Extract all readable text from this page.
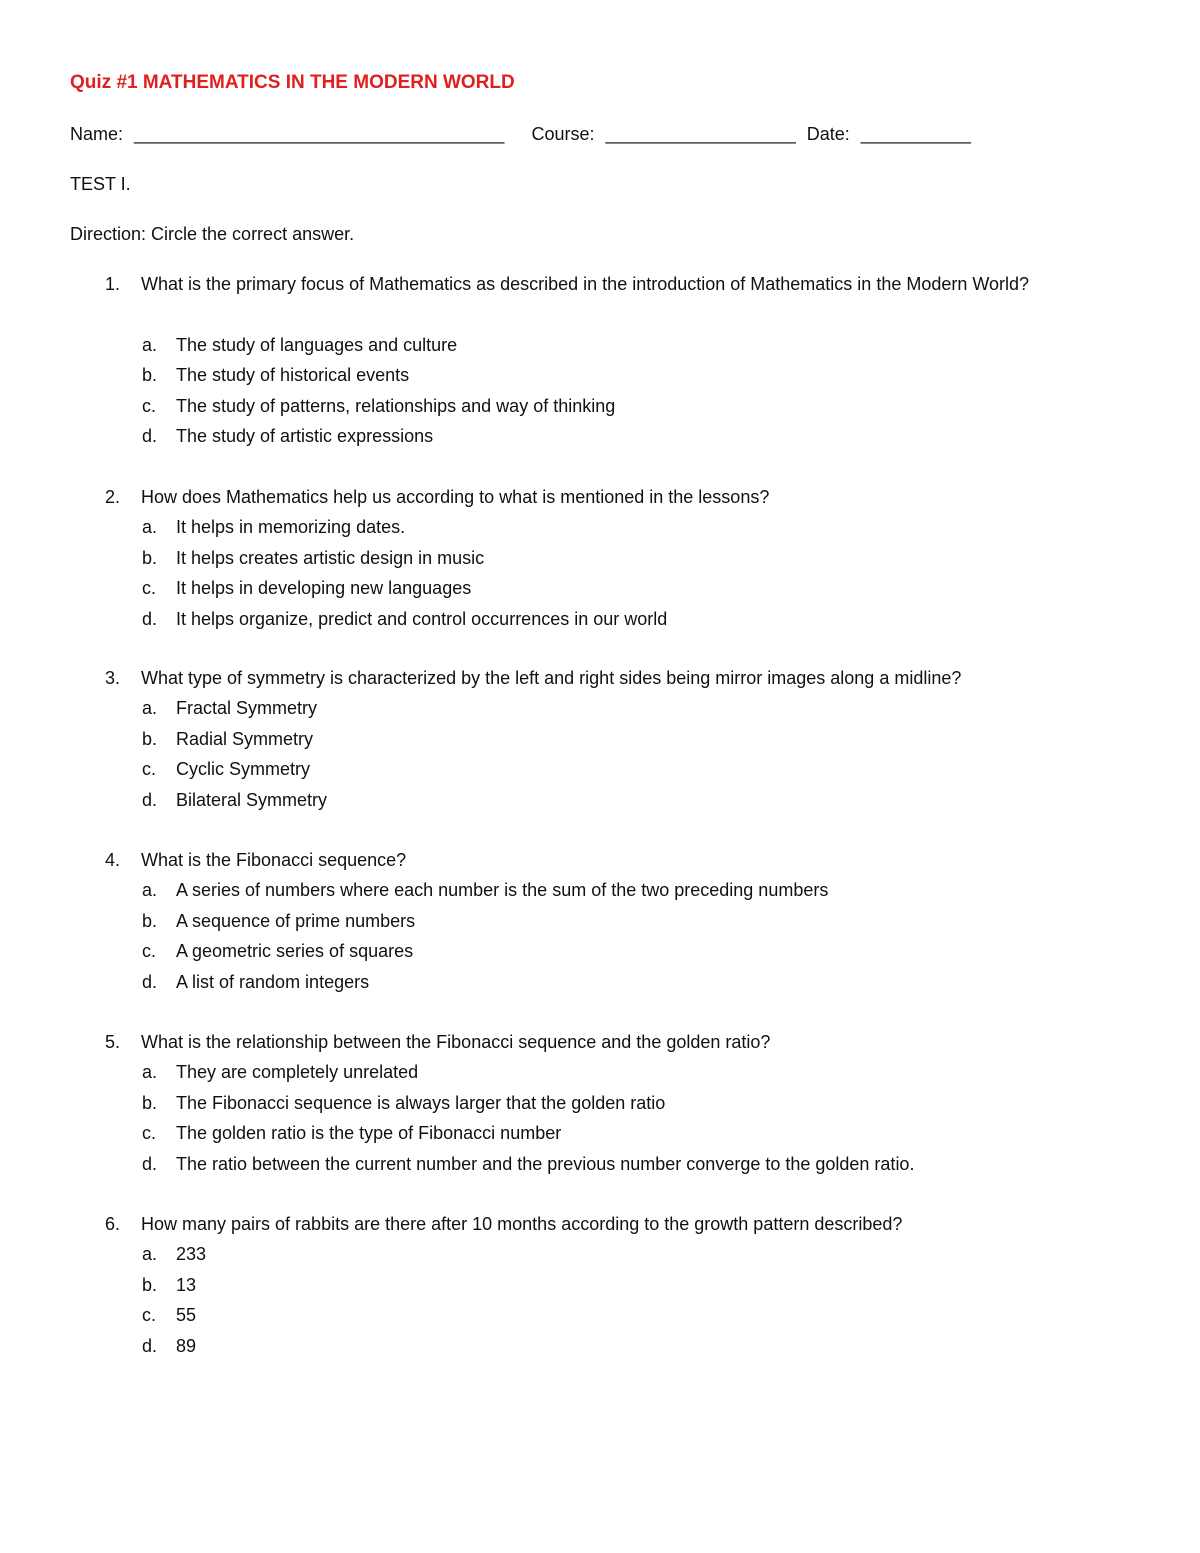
Quiz #1 MATHEMATICS IN THE MODERN WORLD
Name: _____________________________________ Course: ___________________ Date: ___________
TEST I.
Direction: Circle the correct answer.
1. What is the primary focus of Mathematics as described in the introduction of Mathematics in the Modern World?
a. The study of languages and culture
b. The study of historical events
c. The study of patterns, relationships and way of thinking
d. The study of artistic expressions
2. How does Mathematics help us according to what is mentioned in the lessons?
a. It helps in memorizing dates.
b. It helps creates artistic design in music
c. It helps in developing new languages
d. It helps organize, predict and control occurrences in our world
3. What type of symmetry is characterized by the left and right sides being mirror images along a midline?
a. Fractal Symmetry
b. Radial Symmetry
c. Cyclic Symmetry
d. Bilateral Symmetry
4. What is the Fibonacci sequence?
a. A series of numbers where each number is the sum of the two preceding numbers
b. A sequence of prime numbers
c. A geometric series of squares
d. A list of random integers
5. What is the relationship between the Fibonacci sequence and the golden ratio?
a. They are completely unrelated
b. The Fibonacci sequence is always larger that the golden ratio
c. The golden ratio is the type of Fibonacci number
d. The ratio between the current number and the previous number converge to the golden ratio.
6. How many pairs of rabbits are there after 10 months according to the growth pattern described?
a. 233
b. 13
c. 55
d. 89
